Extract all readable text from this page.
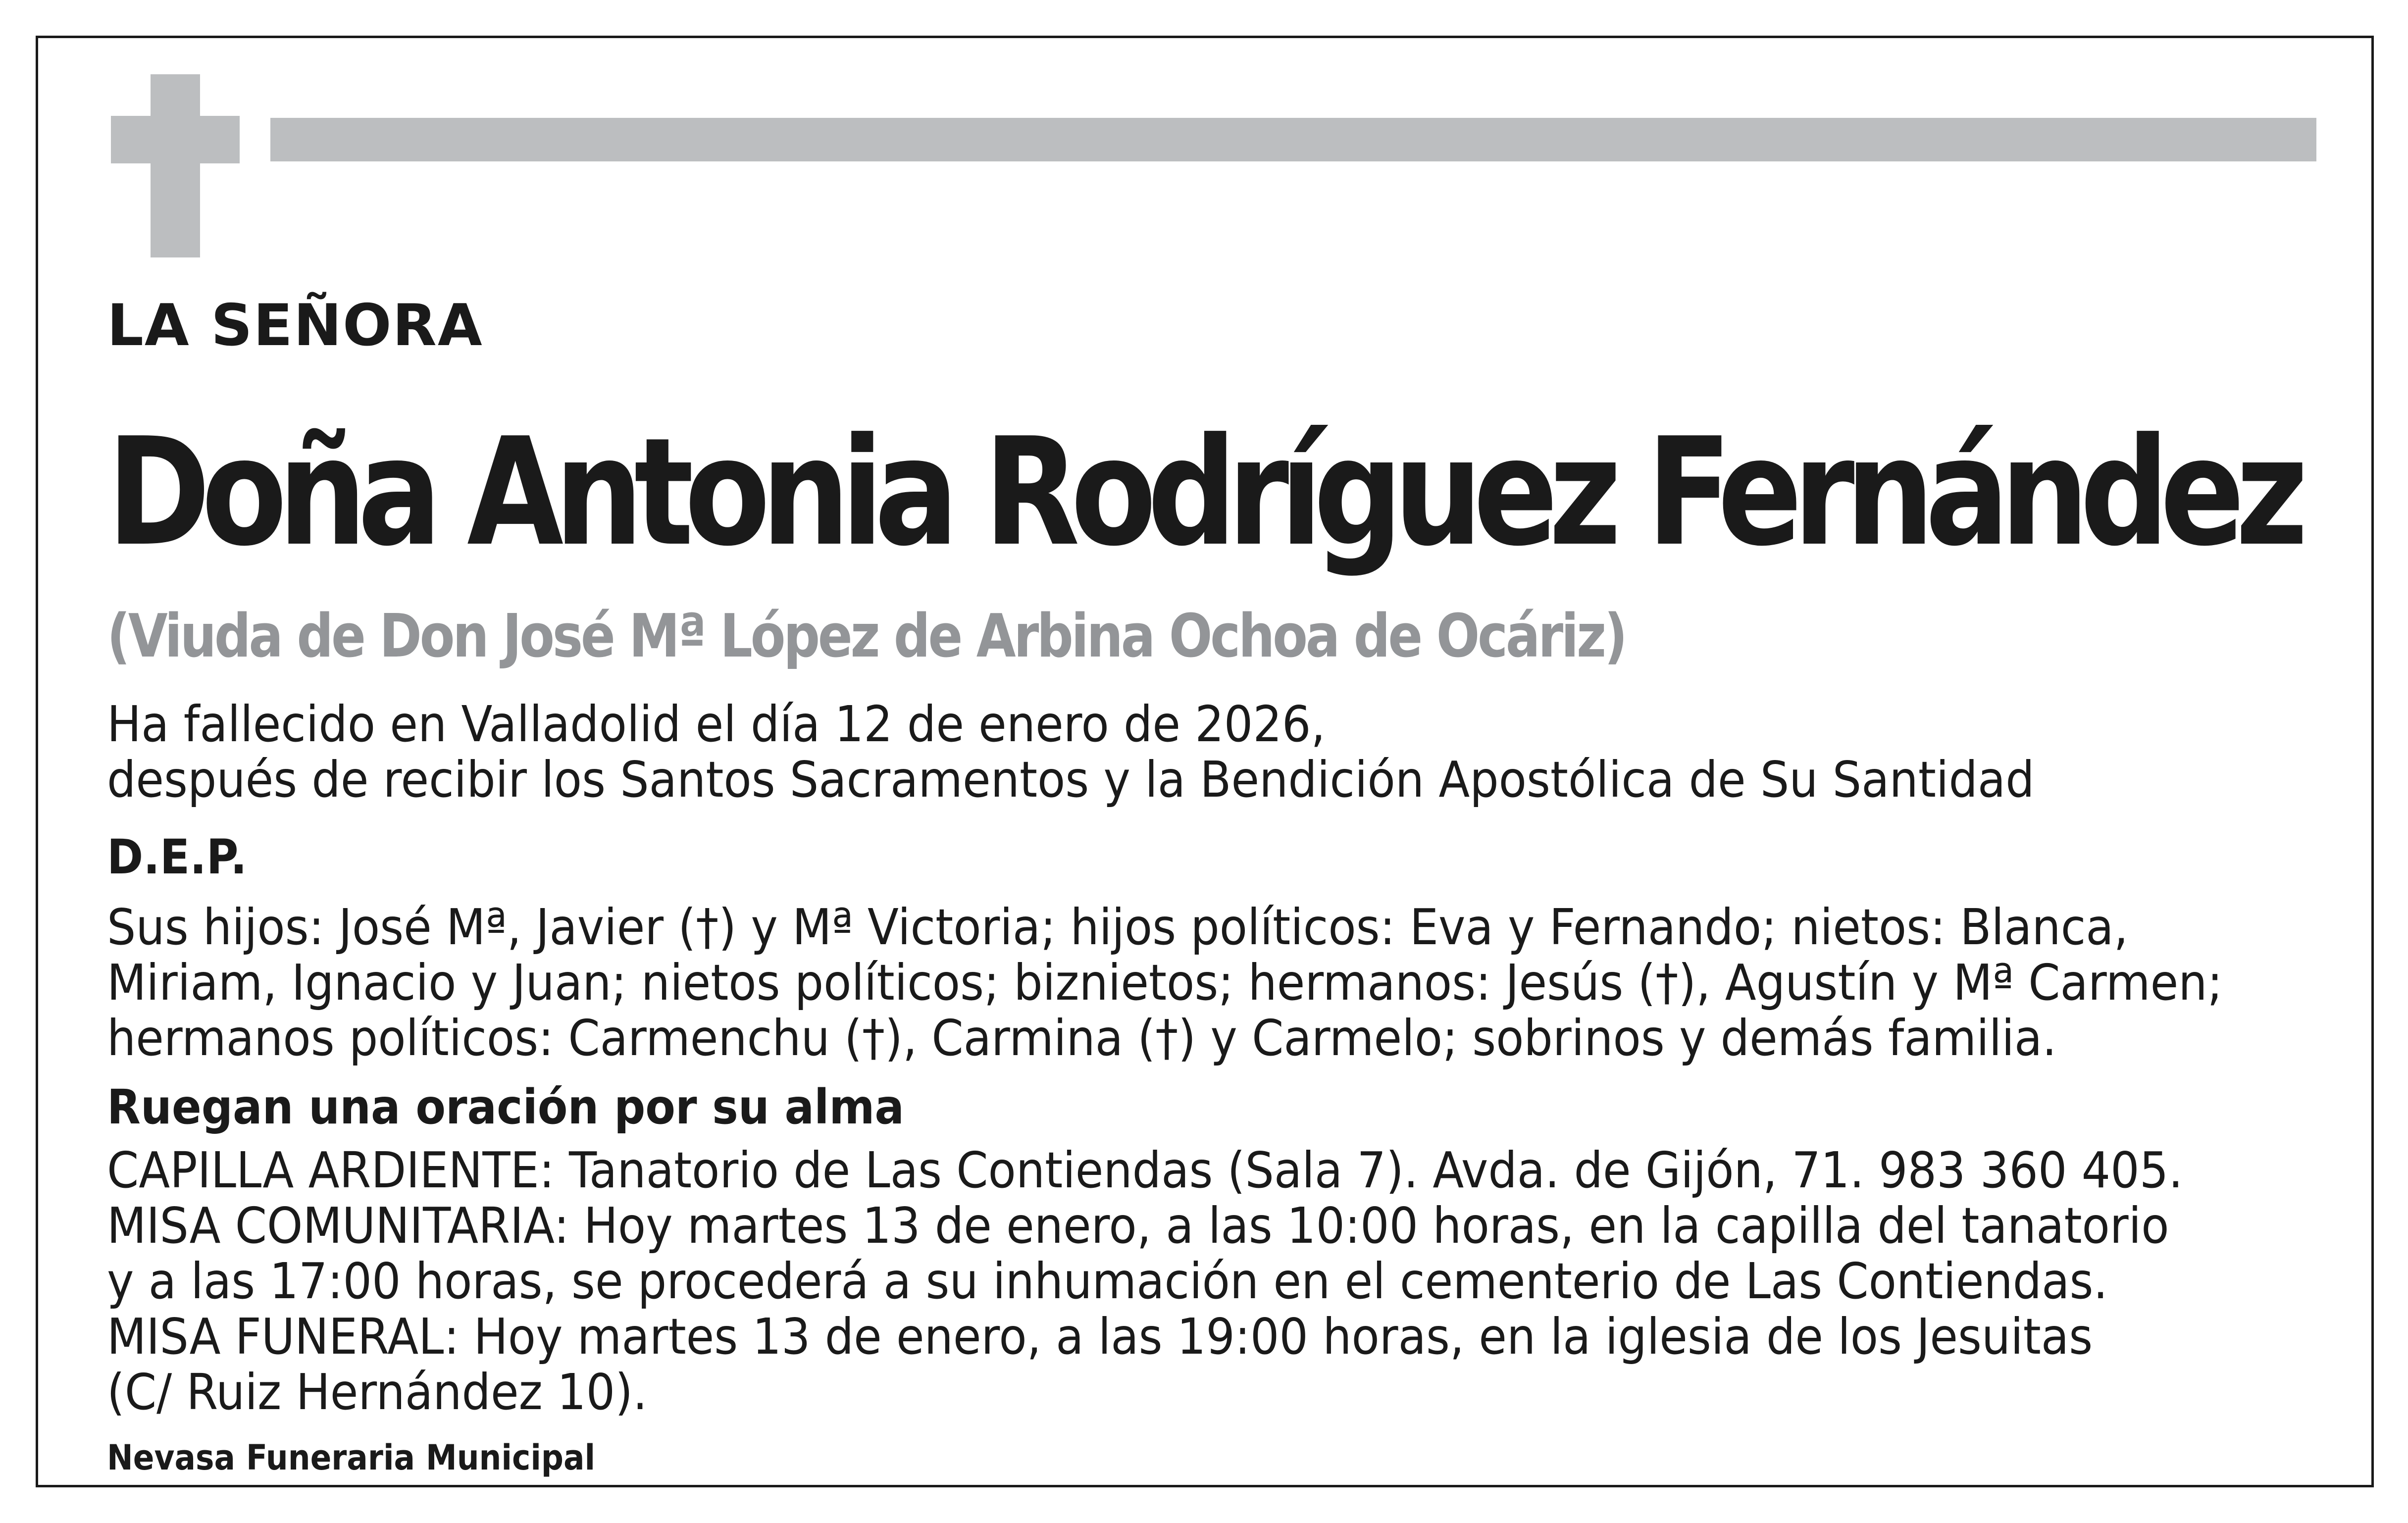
LA SEÑORA

Doña Antonia Rodríguez Fernández

(Viuda de Don José Mª López de Arbina Ochoa de Ocáriz)

Ha fallecido en Valladolid el día 12 de enero de 2026,

después de recibir los Santos Sacramentos y la Bendición Apostólica de Su Santidad

D.E.P.

Sus hijos: José Mª, Javier (†) y Mª Victoria; hijos políticos: Eva y Fernando; nietos: Blanca,

Miriam, Ignacio y Juan; nietos políticos; biznietos; hermanos: Jesús (†), Agustín y Mª Carmen;

hermanos políticos: Carmenchu (†), Carmina (†) y Carmelo; sobrinos y demás familia.

Ruegan una oración por su alma

CAPILLA ARDIENTE: Tanatorio de Las Contiendas (Sala 7). Avda. de Gijón, 71. 983 360 405.

MISA COMUNITARIA: Hoy martes 13 de enero, a las 10:00 horas, en la capilla del tanatorio

y a las 17:00 horas, se procederá a su inhumación en el cementerio de Las Contiendas.

MISA FUNERAL: Hoy martes 13 de enero, a las 19:00 horas, en la iglesia de los Jesuitas

(C/ Ruiz Hernández 10).

Nevasa Funeraria Municipal
